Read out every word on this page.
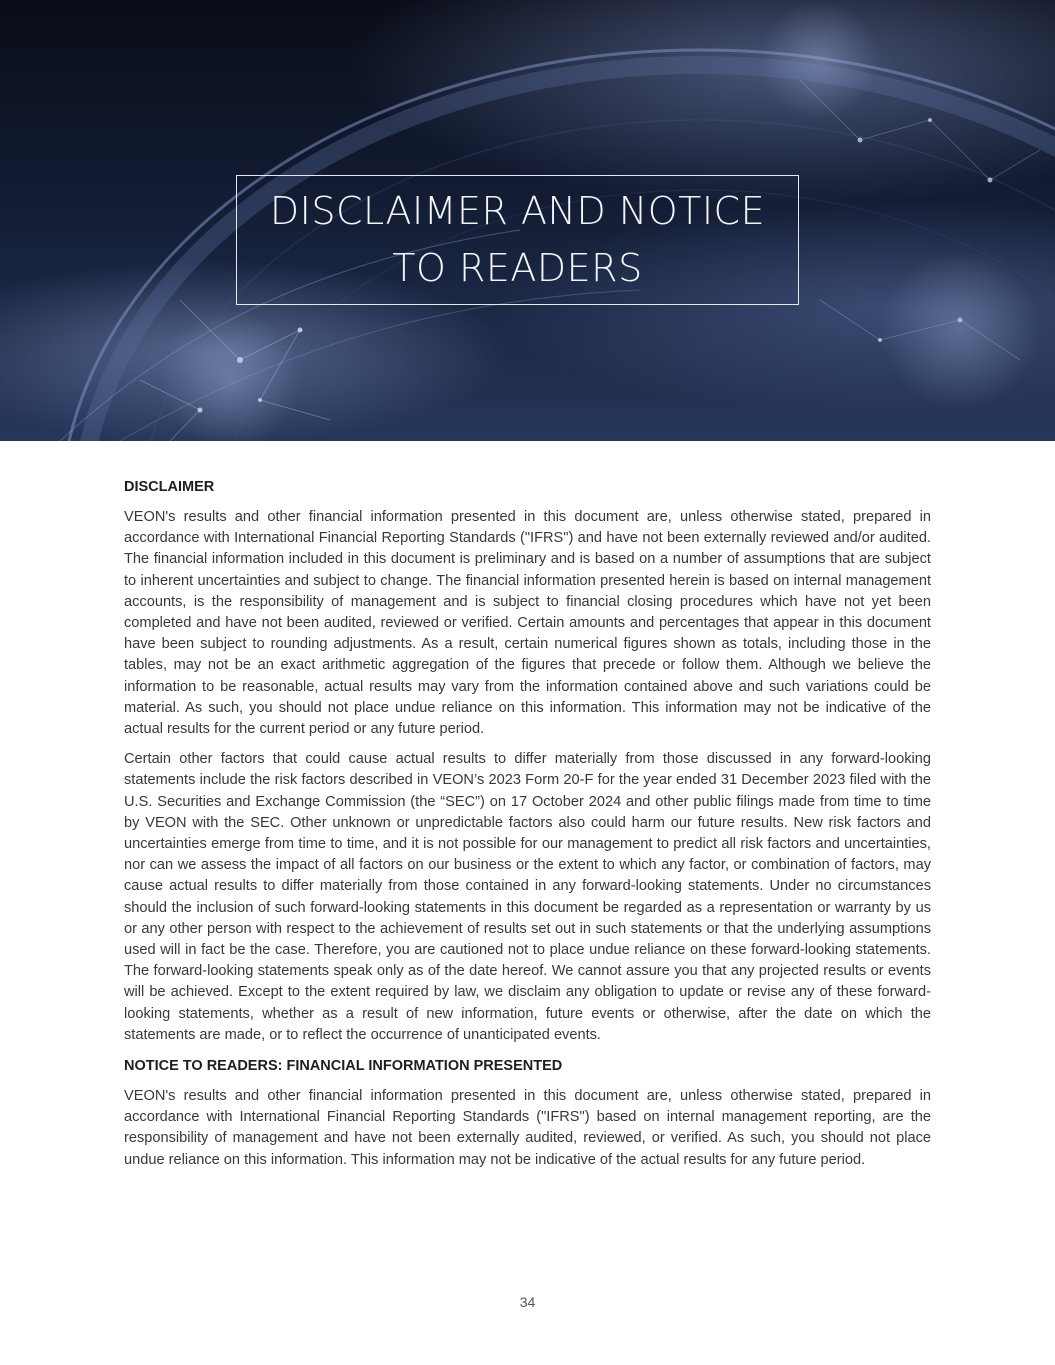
DISCLAIMER AND NOTICE
TO READERS
DISCLAIMER

VEON's results and other financial information presented in this document are, unless otherwise stated, prepared in accordance with International Financial Reporting Standards ("IFRS") and have not been externally reviewed and/or audited. The financial information included in this document is preliminary and is based on a number of assumptions that are subject to inherent uncertainties and subject to change. The financial information presented herein is based on internal management accounts, is the responsibility of management and is subject to financial closing procedures which have not yet been completed and have not been audited, reviewed or verified. Certain amounts and percentages that appear in this document have been subject to rounding adjustments. As a result, certain numerical figures shown as totals, including those in the tables, may not be an exact arithmetic aggregation of the figures that precede or follow them. Although we believe the information to be reasonable, actual results may vary from the information contained above and such variations could be material. As such, you should not place undue reliance on this information. This information may not be indicative of the actual results for the current period or any future period.

Certain other factors that could cause actual results to differ materially from those discussed in any forward-looking statements include the risk factors described in VEON’s 2023 Form 20-F for the year ended 31 December 2023 filed with the U.S. Securities and Exchange Commission (the “SEC”) on 17 October 2024 and other public filings made from time to time by VEON with the SEC. Other unknown or unpredictable factors also could harm our future results. New risk factors and uncertainties emerge from time to time, and it is not possible for our management to predict all risk factors and uncertainties, nor can we assess the impact of all factors on our business or the extent to which any factor, or combination of factors, may cause actual results to differ materially from those contained in any forward-looking statements. Under no circumstances should the inclusion of such forward-looking statements in this document be regarded as a representation or warranty by us or any other person with respect to the achievement of results set out in such statements or that the underlying assumptions used will in fact be the case. Therefore, you are cautioned not to place undue reliance on these forward-looking statements. The forward-looking statements speak only as of the date hereof. We cannot assure you that any projected results or events will be achieved. Except to the extent required by law, we disclaim any obligation to update or revise any of these forward-looking statements, whether as a result of new information, future events or otherwise, after the date on which the statements are made, or to reflect the occurrence of unanticipated events.

NOTICE TO READERS: FINANCIAL INFORMATION PRESENTED

VEON's results and other financial information presented in this document are, unless otherwise stated, prepared in accordance with International Financial Reporting Standards ("IFRS") based on internal management reporting, are the responsibility of management and have not been externally audited, reviewed, or verified. As such, you should not place undue reliance on this information. This information may not be indicative of the actual results for any future period.

34
